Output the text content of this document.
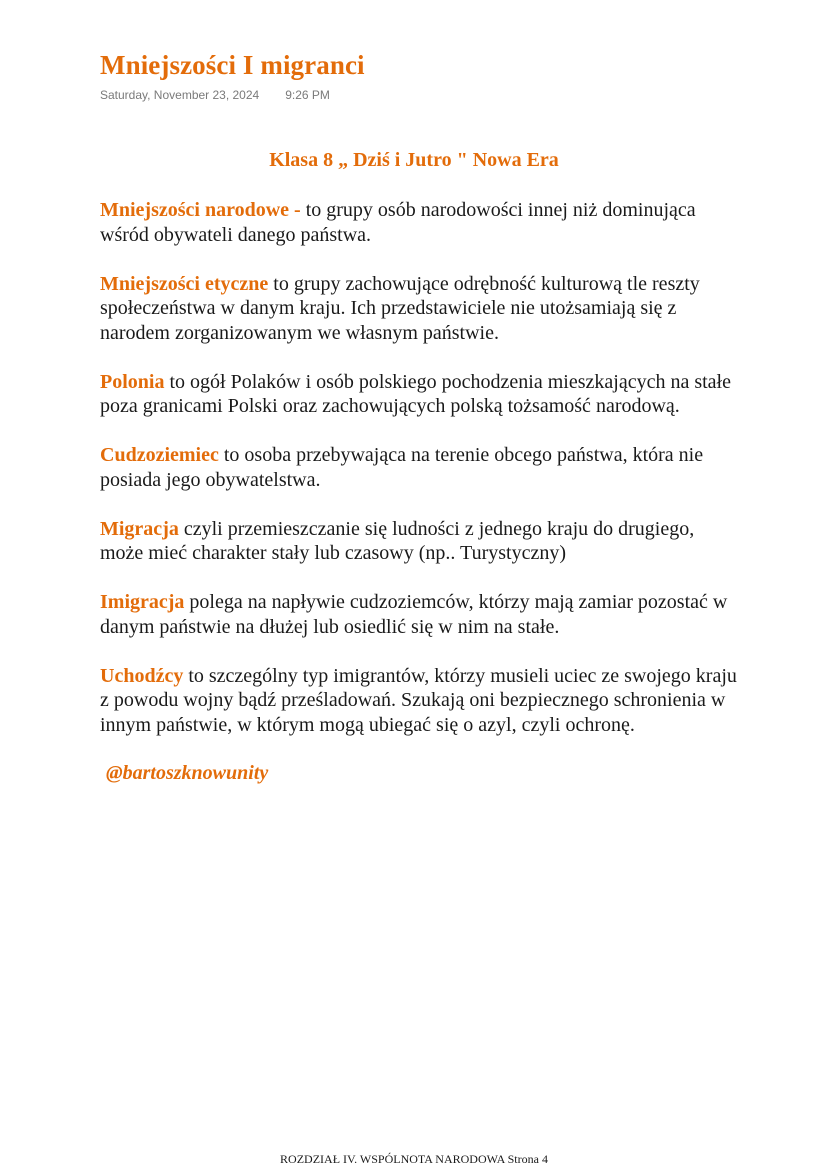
Mniejszości I migranci
Saturday, November 23, 2024 9:26 PM
Klasa 8 „ Dziś i Jutro " Nowa Era

Mniejszości narodowe - to grupy osób narodowości innej niż dominująca wśród obywateli danego państwa.

Mniejszości etyczne to grupy zachowujące odrębność kulturową tle reszty społeczeństwa w danym kraju. Ich przedstawiciele nie utożsamiają się z narodem zorganizowanym we własnym państwie.

Polonia to ogół Polaków i osób polskiego pochodzenia mieszkających na stałe poza granicami Polski oraz zachowujących polską tożsamość narodową.

Cudzoziemiec to osoba przebywająca na terenie obcego państwa, która nie posiada jego obywatelstwa.

Migracja czyli przemieszczanie się ludności z jednego kraju do drugiego, może mieć charakter stały lub czasowy (np.. Turystyczny)

Imigracja polega na napływie cudzoziemców, którzy mają zamiar pozostać w danym państwie na dłużej lub osiedlić się w nim na stałe.

Uchodźcy to szczególny typ imigrantów, którzy musieli uciec ze swojego kraju z powodu wojny bądź prześladowań. Szukają oni bezpiecznego schronienia w innym państwie, w którym mogą ubiegać się o azyl, czyli ochronę.

@bartoszknowunity
ROZDZIAŁ IV. WSPÓLNOTA NARODOWA Strona 4
